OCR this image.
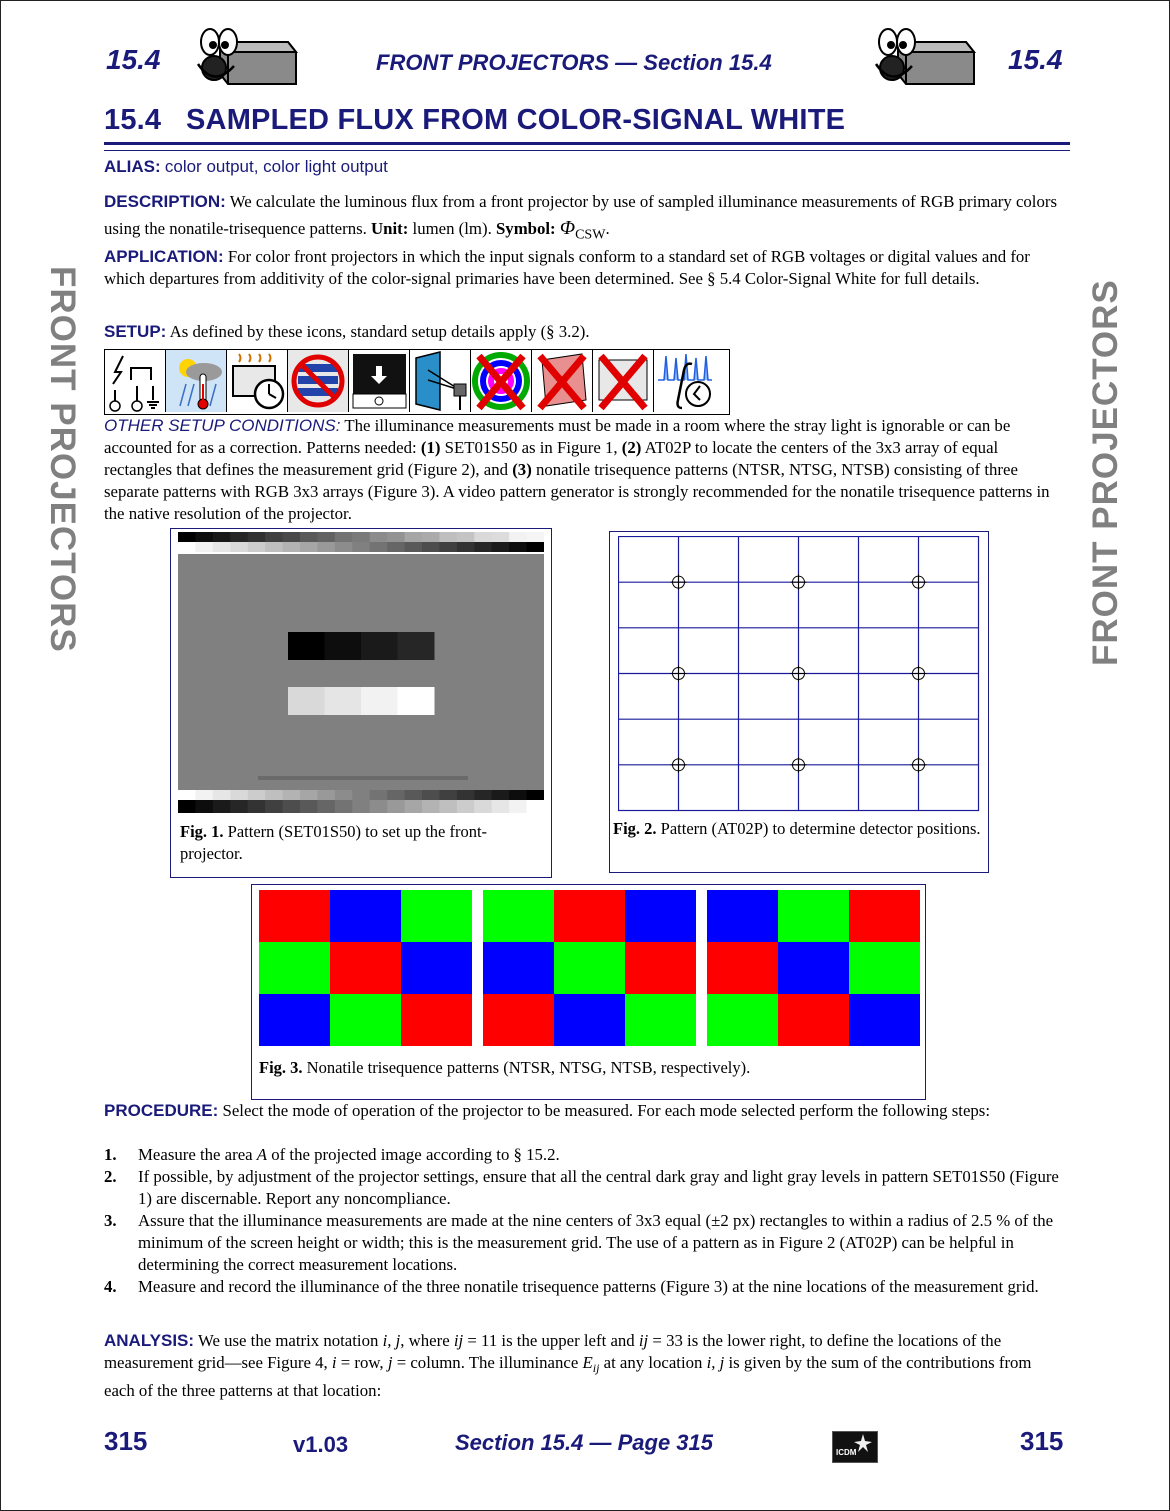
15.4	FRONT PROJECTORS — Section 15.4	15.4
15.4   SAMPLED FLUX FROM COLOR-SIGNAL WHITE
FRONT PROJECTORS	FRONT PROJECTORS
ALIAS: color output, color light output
DESCRIPTION: We calculate the luminous flux from a front projector by use of sampled illuminance measurements of RGB primary colors using the nonatile-trisequence patterns. Unit: lumen (lm). Symbol: $\Phi_{CSW}$.
APPLICATION: For color front projectors in which the input signals conform to a standard set of RGB voltages or digital values and for which departures from additivity of the color-signal primaries have been determined. See § 5.4 Color-Signal White for full details.
SETUP: As defined by these icons, standard setup details apply (§ 3.2).
OTHER SETUP CONDITIONS: The illuminance measurements must be made in a room where the stray light is ignorable or can be accounted for as a correction. Patterns needed: (1) SET01S50 as in Figure 1, (2) AT02P to locate the centers of the 3x3 array of equal rectangles that defines the measurement grid (Figure 2), and (3) nonatile trisequence patterns (NTSR, NTSG, NTSB) consisting of three separate patterns with RGB 3x3 arrays (Figure 3). A video pattern generator is strongly recommended for the nonatile trisequence patterns in the native resolution of the projector.
Fig. 1. Pattern (SET01S50) to set up the front-projector.
Fig. 2. Pattern (AT02P) to determine detector positions.
Fig. 3. Nonatile trisequence patterns (NTSR, NTSG, NTSB, respectively).
PROCEDURE: Select the mode of operation of the projector to be measured. For each mode selected perform the following steps:
1. Measure the area A of the projected image according to § 15.2.
2. If possible, by adjustment of the projector settings, ensure that all the central dark gray and light gray levels in pattern SET01S50 (Figure 1) are discernable. Report any noncompliance.
3. Assure that the illuminance measurements are made at the nine centers of 3x3 equal (±2 px) rectangles to within a radius of 2.5 % of the minimum of the screen height or width; this is the measurement grid. The use of a pattern as in Figure 2 (AT02P) can be helpful in determining the correct measurement locations.
4. Measure and record the illuminance of the three nonatile trisequence patterns (Figure 3) at the nine locations of the measurement grid.
ANALYSIS: We use the matrix notation i, j, where ij = 11 is the upper left and ij = 33 is the lower right, to define the locations of the measurement grid—see Figure 4, i = row, j = column. The illuminance $E_{ij}$ at any location i, j is given by the sum of the contributions from each of the three patterns at that location:
315	v1.03	Section 15.4 — Page 315	ICDM	315
